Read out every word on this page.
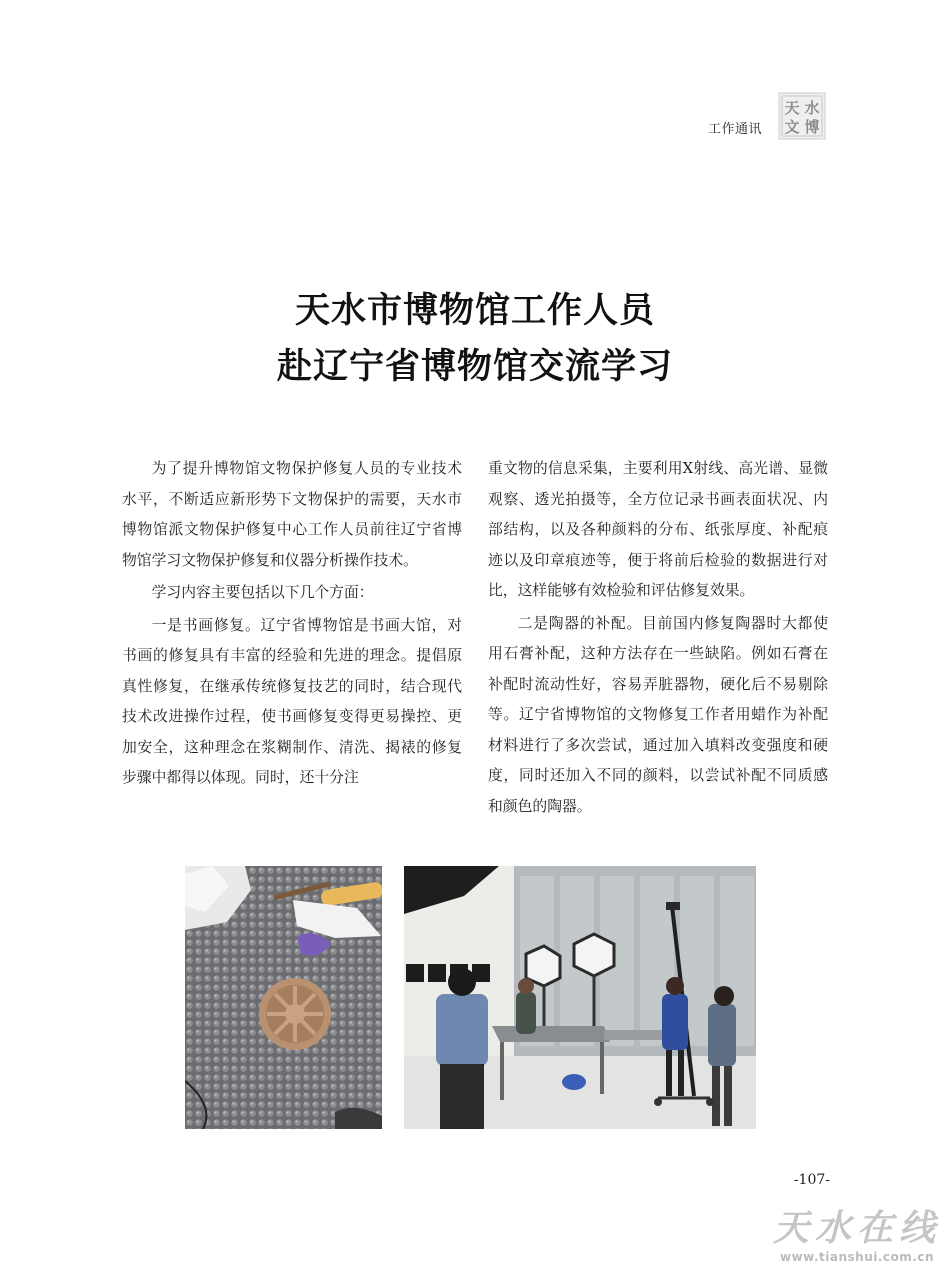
工作通讯
天 水
文 博
天水市博物馆工作人员
赴辽宁省博物馆交流学习

为了提升博物馆文物保护修复人员的专业技术水平，不断适应新形势下文物保护的需要，天水市博物馆派文物保护修复中心工作人员前往辽宁省博物馆学习文物保护修复和仪器分析操作技术。

学习内容主要包括以下几个方面：

一是书画修复。辽宁省博物馆是书画大馆，对书画的修复具有丰富的经验和先进的理念。提倡原真性修复，在继承传统修复技艺的同时，结合现代技术改进操作过程，使书画修复变得更易操控、更加安全，这种理念在浆糊制作、清洗、揭裱的修复步骤中都得以体现。同时，还十分注

重文物的信息采集，主要利用X射线、高光谱、显微观察、透光拍摄等，全方位记录书画表面状况、内部结构，以及各种颜料的分布、纸张厚度、补配痕迹以及印章痕迹等，便于将前后检验的数据进行对比，这样能够有效检验和评估修复效果。

二是陶器的补配。目前国内修复陶器时大都使用石膏补配，这种方法存在一些缺陷。例如石膏在补配时流动性好，容易弄脏器物，硬化后不易剔除等。辽宁省博物馆的文物修复工作者用蜡作为补配材料进行了多次尝试，通过加入填料改变强度和硬度，同时还加入不同的颜料，以尝试补配不同质感和颜色的陶器。

-107-
天水在线
www.tianshui.com.cn
